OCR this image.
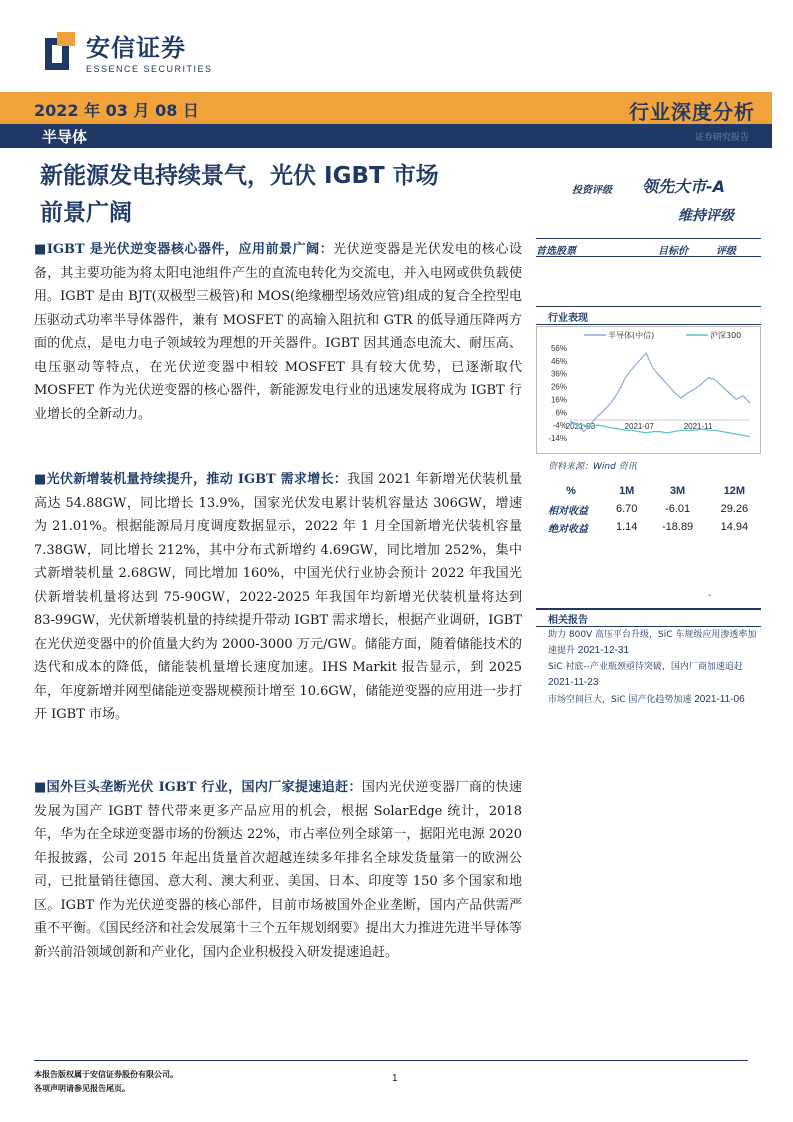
安信证券
ESSENCE SECURITIES
2022 年 03 月 08 日	行业深度分析
半导体	证券研究报告
新能源发电持续景气，光伏 IGBT 市场
前景广阔
投资评级 领先大市-A
维持评级
■IGBT 是光伏逆变器核心器件，应用前景广阔：光伏逆变器是光伏发电的核心设备，其主要功能为将太阳电池组件产生的直流电转化为交流电，并入电网或供负载使用。IGBT 是由 BJT(双极型三极管)和 MOS(绝缘栅型场效应管)组成的复合全控型电压驱动式功率半导体器件，兼有 MOSFET 的高输入阻抗和 GTR 的低导通压降两方面的优点，是电力电子领域较为理想的开关器件。IGBT 因其通态电流大、耐压高、电压驱动等特点，在光伏逆变器中相较 MOSFET 具有较大优势，已逐渐取代 MOSFET 作为光伏逆变器的核心器件，新能源发电行业的迅速发展将成为 IGBT 行业增长的全新动力。
■光伏新增装机量持续提升，推动 IGBT 需求增长：我国 2021 年新增光伏装机量高达 54.88GW，同比增长 13.9%，国家光伏发电累计装机容量达 306GW，增速为 21.01%。根据能源局月度调度数据显示，2022 年 1 月全国新增光伏装机容量 7.38GW，同比增长 212%，其中分布式新增约 4.69GW，同比增加 252%，集中式新增装机量 2.68GW，同比增加 160%，中国光伏行业协会预计 2022 年我国光伏新增装机量将达到 75-90GW，2022-2025 年我国年均新增光伏装机量将达到 83-99GW，光伏新增装机量的持续提升带动 IGBT 需求增长，根据产业调研，IGBT 在光伏逆变器中的价值量大约为 2000-3000 万元/GW。储能方面，随着储能技术的迭代和成本的降低，储能装机量增长速度加速。IHS Markit 报告显示，到 2025 年，年度新增并网型储能逆变器规模预计增至 10.6GW，储能逆变器的应用进一步打开 IGBT 市场。
■国外巨头垄断光伏 IGBT 行业，国内厂家提速追赶：国内光伏逆变器厂商的快速发展为国产 IGBT 替代带来更多产品应用的机会，根据 SolarEdge 统计，2018 年，华为在全球逆变器市场的份额达 22%，市占率位列全球第一，据阳光电源 2020 年报披露，公司 2015 年起出货量首次超越连续多年排名全球发货量第一的欧洲公司，已批量销往德国、意大利、澳大利亚、美国、日本、印度等 150 多个国家和地区。IGBT 作为光伏逆变器的核心部件，目前市场被国外企业垄断，国内产品供需严重不平衡。《国民经济和社会发展第十三个五年规划纲要》提出大力推进先进半导体等新兴前沿领域创新和产业化，国内企业积极投入研发提速追赶。
首选股票	目标价	评级
行业表现
半导体(中信)	沪深300
56%
46%
36%
26%
16%
6%
-4%
-14%
2021-03	2021-07	2021-11
资料来源：Wind 资讯
%	1M	3M	12M
相对收益	6.70	-6.01	29.26
绝对收益	1.14	-18.89	14.94
-
相关报告
助力 800V 高压平台升级，SiC 车规级应用渗透率加速提升 2021-12-31
SiC 衬底--产业瓶颈亟待突破，国内厂商加速追赶 2021-11-23
市场空间巨大，SiC 国产化趋势加速 2021-11-06
本报告版权属于安信证券股份有限公司。
各项声明请参见报告尾页。
1
